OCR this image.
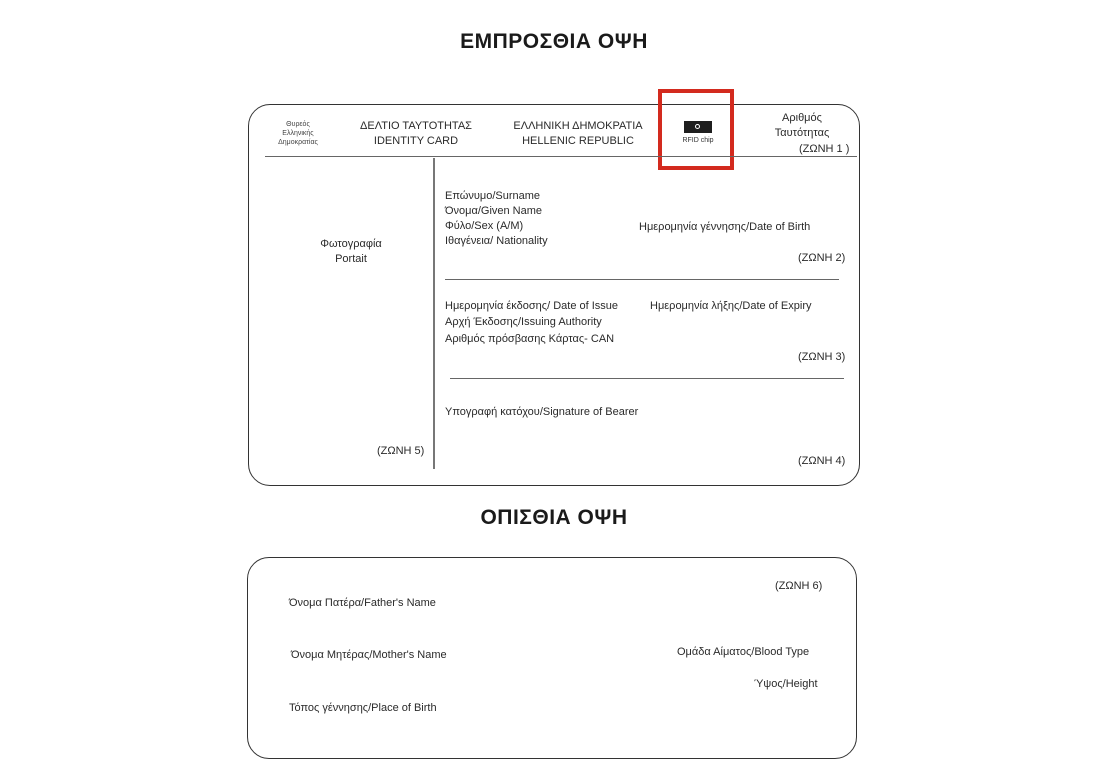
ΕΜΠΡΟΣΘΙΑ ΟΨΗ
Θυρεός
Ελληνικής
Δημοκρατίας
ΔΕΛΤΙΟ ΤΑΥΤΟΤΗΤΑΣ
IDENTITY CARD
ΕΛΛΗΝΙΚΗ ΔΗΜΟΚΡΑΤΙΑ
HELLENIC REPUBLIC	RFID chip
Αριθμός
Ταυτότητας
(ΖΩΝΗ 1 )
Φωτογραφία
Portait
(ΖΩΝΗ 5)
Επώνυμο/Surname
Όνομα/Given Name
Φύλο/Sex (A/M)
Ιθαγένεια/ Nationality
Ημερομηνία γέννησης/Date of Birth
(ΖΩΝΗ 2)
Ημερομηνία έκδοσης/ Date of Issue	Ημερομηνία λήξης/Date of Expiry
Αρχή Έκδοσης/Issuing Authority
Αριθμός πρόσβασης Κάρτας- CAN
(ΖΩΝΗ 3)
Υπογραφή κατόχου/Signature of Bearer
(ΖΩΝΗ 4)
ΟΠΙΣΘΙΑ ΟΨΗ
(ΖΩΝΗ 6)
Όνομα Πατέρα/Father's Name
Όνομα Μητέρας/Mother's Name	Ομάδα Αίματος/Blood Type
Ύψος/Height
Τόπος γέννησης/Place of Birth
